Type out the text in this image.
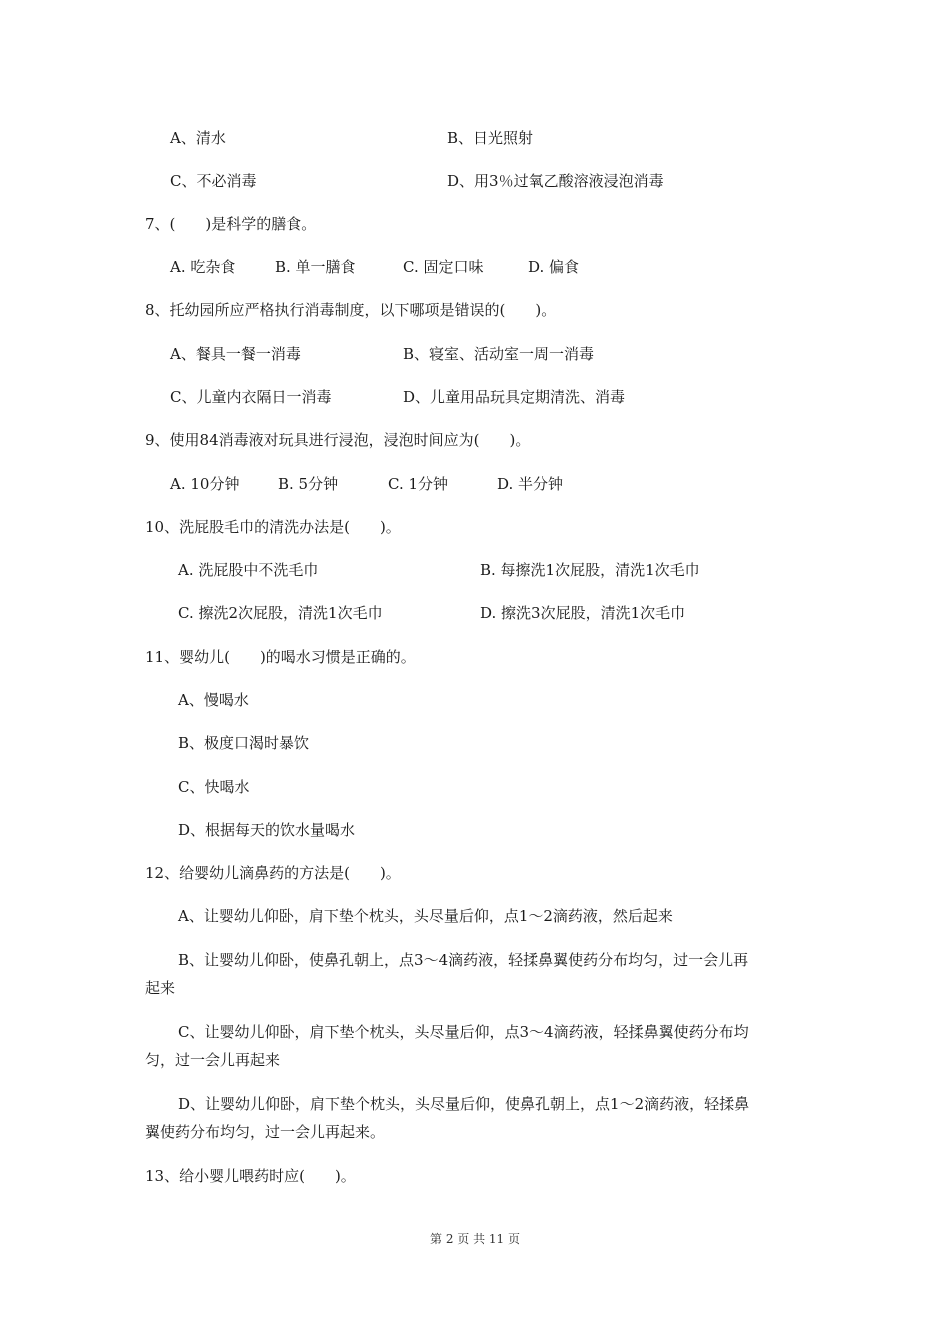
A、清水	B、日光照射
C、不必消毒	D、用3％过氧乙酸溶液浸泡消毒
7、(　　)是科学的膳食。
A. 吃杂食	B. 单一膳食	C. 固定口味	D. 偏食
8、托幼园所应严格执行消毒制度，以下哪项是错误的(　　)。
A、餐具一餐一消毒	B、寝室、活动室一周一消毒
C、儿童内衣隔日一消毒	D、儿童用品玩具定期清洗、消毒
9、使用84消毒液对玩具进行浸泡，浸泡时间应为(　　)。
A. 10分钟	B. 5分钟	C. 1分钟	D. 半分钟
10、洗屁股毛巾的清洗办法是(　　)。
A. 洗屁股中不洗毛巾	B. 每擦洗1次屁股，清洗1次毛巾
C. 擦洗2次屁股，清洗1次毛巾	D. 擦洗3次屁股，清洗1次毛巾
11、婴幼儿(　　)的喝水习惯是正确的。
A、慢喝水
B、极度口渴时暴饮
C、快喝水
D、根据每天的饮水量喝水
12、给婴幼儿滴鼻药的方法是(　　)。
A、让婴幼儿仰卧，肩下垫个枕头，头尽量后仰，点1～2滴药液，然后起来
B、让婴幼儿仰卧，使鼻孔朝上，点3～4滴药液，轻揉鼻翼使药分布均匀，过一会儿再
起来
C、让婴幼儿仰卧，肩下垫个枕头，头尽量后仰，点3～4滴药液，轻揉鼻翼使药分布均
匀，过一会儿再起来
D、让婴幼儿仰卧，肩下垫个枕头，头尽量后仰，使鼻孔朝上，点1～2滴药液，轻揉鼻
翼使药分布均匀，过一会儿再起来。
13、给小婴儿喂药时应(　　)。
第 2 页 共 11 页
